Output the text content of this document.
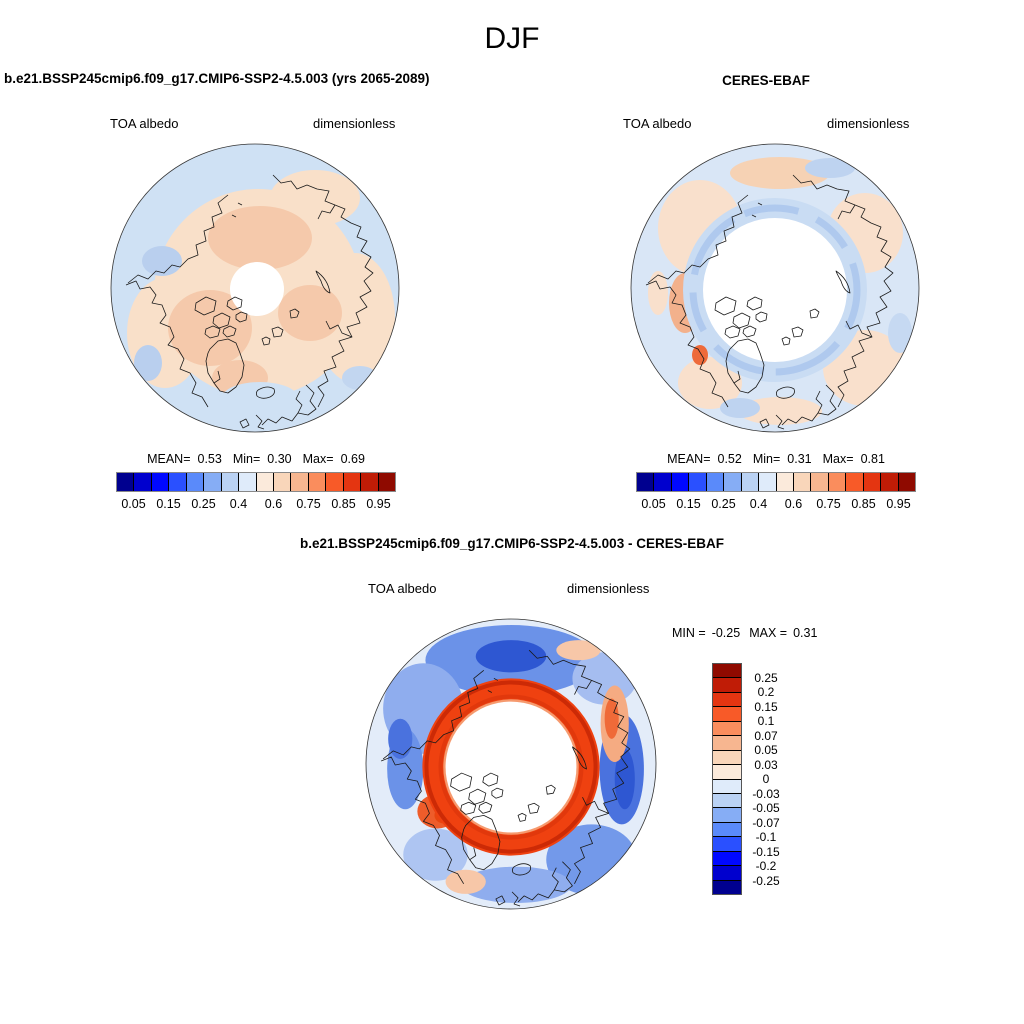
DJF
b.e21.BSSP245cmip6.f09_g17.CMIP6-SSP2-4.5.003 (yrs 2065-2089)
TOA albedo	dimensionless
MEAN= 0.53 Min= 0.30 Max= 0.69
0.05 0.15 0.25 0.4 0.6 0.75 0.85 0.95
CERES-EBAF
TOA albedo	dimensionless
MEAN= 0.52 Min= 0.31 Max= 0.81
0.05 0.15 0.25 0.4 0.6 0.75 0.85 0.95
b.e21.BSSP245cmip6.f09_g17.CMIP6-SSP2-4.5.003 - CERES-EBAF
TOA albedo	dimensionless
MIN = -0.25 MAX = 0.31
0.25
0.2
0.15
0.1
0.07
0.05
0.03
0
-0.03
-0.05
-0.07
-0.1
-0.15
-0.2
-0.25
